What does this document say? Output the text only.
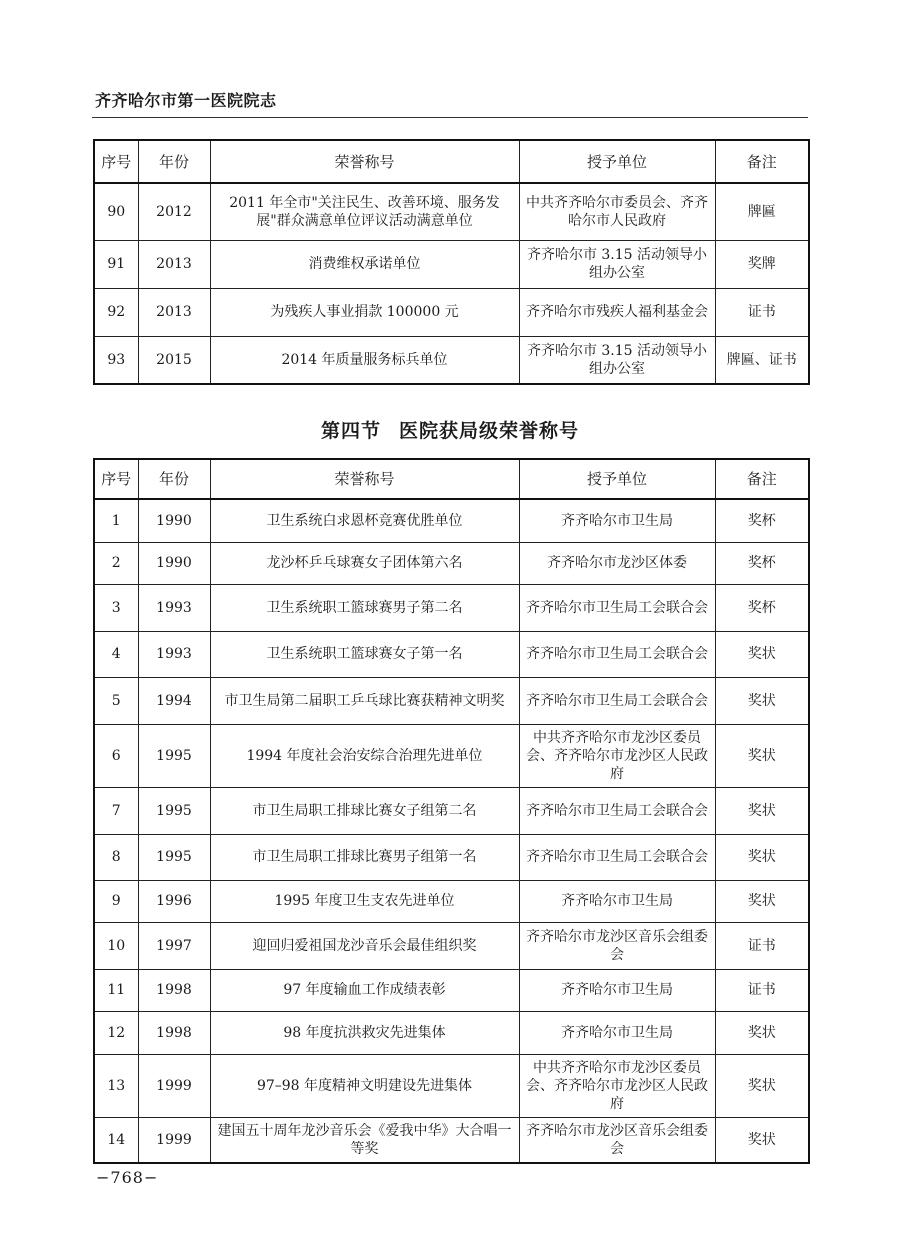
齐齐哈尔市第一医院院志
序号	年份	荣誉称号	授予单位	备注
90	2012	2011 年全市"关注民生、改善环境、服务发展"群众满意单位评议活动满意单位	中共齐齐哈尔市委员会、齐齐哈尔市人民政府	牌匾
91	2013	消费维权承诺单位	齐齐哈尔市 3.15 活动领导小组办公室	奖牌
92	2013	为残疾人事业捐款 100000 元	齐齐哈尔市残疾人福利基金会	证书
93	2015	2014 年质量服务标兵单位	齐齐哈尔市 3.15 活动领导小组办公室	牌匾、证书
第四节 医院获局级荣誉称号
序号	年份	荣誉称号	授予单位	备注
1	1990	卫生系统白求恩杯竞赛优胜单位	齐齐哈尔市卫生局	奖杯
2	1990	龙沙杯乒乓球赛女子团体第六名	齐齐哈尔市龙沙区体委	奖杯
3	1993	卫生系统职工篮球赛男子第二名	齐齐哈尔市卫生局工会联合会	奖杯
4	1993	卫生系统职工篮球赛女子第一名	齐齐哈尔市卫生局工会联合会	奖状
5	1994	市卫生局第二届职工乒乓球比赛获精神文明奖	齐齐哈尔市卫生局工会联合会	奖状
6	1995	1994 年度社会治安综合治理先进单位	中共齐齐哈尔市龙沙区委员会、齐齐哈尔市龙沙区人民政府	奖状
7	1995	市卫生局职工排球比赛女子组第二名	齐齐哈尔市卫生局工会联合会	奖状
8	1995	市卫生局职工排球比赛男子组第一名	齐齐哈尔市卫生局工会联合会	奖状
9	1996	1995 年度卫生支农先进单位	齐齐哈尔市卫生局	奖状
10	1997	迎回归爱祖国龙沙音乐会最佳组织奖	齐齐哈尔市龙沙区音乐会组委会	证书
11	1998	97 年度输血工作成绩表彰	齐齐哈尔市卫生局	证书
12	1998	98 年度抗洪救灾先进集体	齐齐哈尔市卫生局	奖状
13	1999	97–98 年度精神文明建设先进集体	中共齐齐哈尔市龙沙区委员会、齐齐哈尔市龙沙区人民政府	奖状
14	1999	建国五十周年龙沙音乐会《爱我中华》大合唱一等奖	齐齐哈尔市龙沙区音乐会组委会	奖状
−768−
